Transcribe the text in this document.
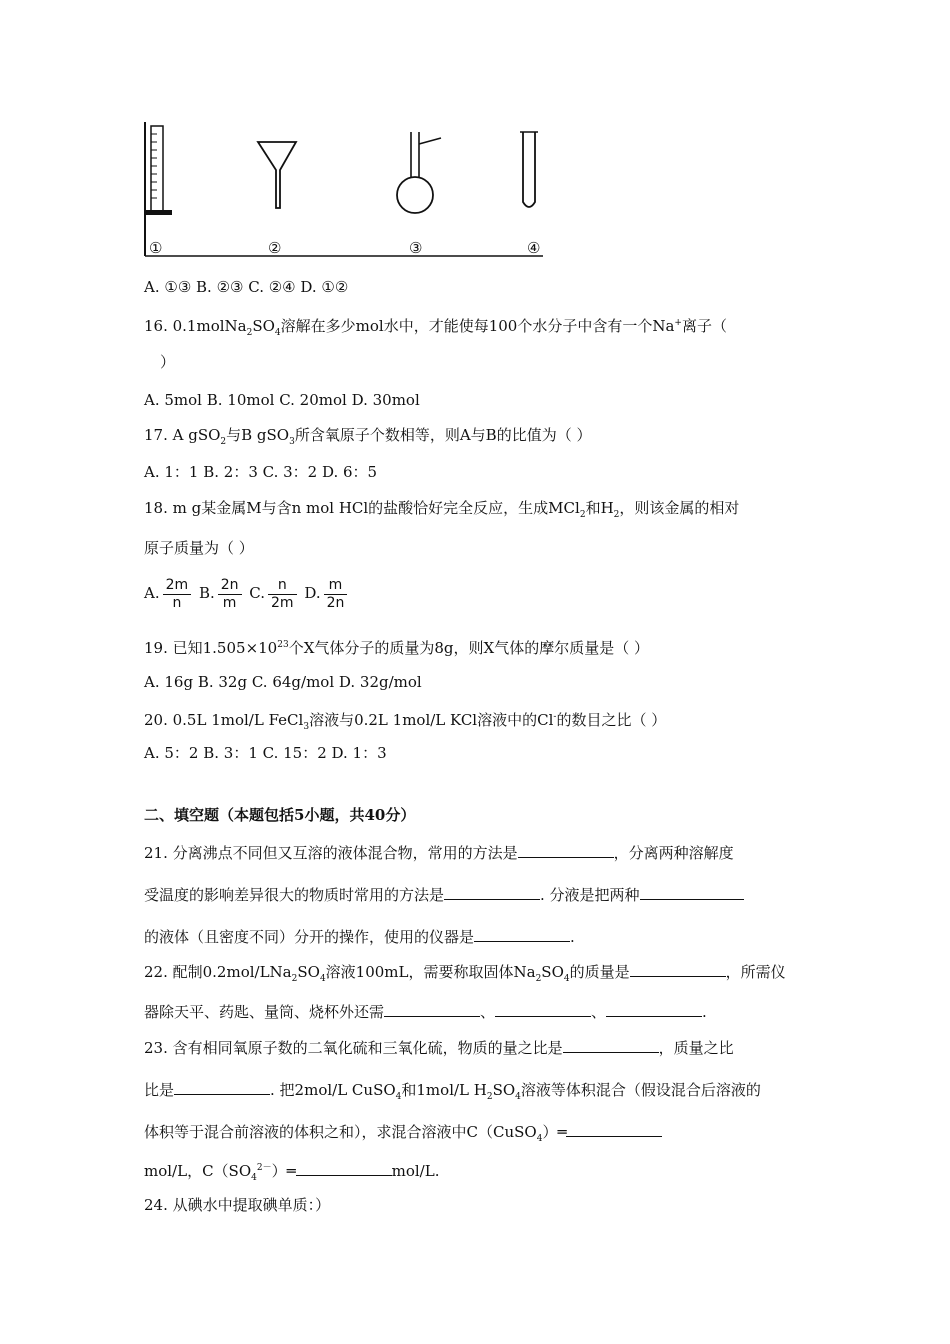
①	②	③	④
A. ①③ B. ②③ C. ②④ D. ①②
16. $0.1molNa_2SO_4$溶解在多少mol水中，才能使每100个水分子中含有一个Na+离子（
）
A. 5mol B. 10mol C. 20mol D. 30mol
17. A gSO$_2$与B gSO$_3$所含氧原子个数相等，则A与B的比值为（ ）
A. 1：1 B. 2：3 C. 3：2 D. 6：5
18. m g某金属M与含n mol HCl的盐酸恰好完全反应，生成MCl$_2$和$H_2$，则该金属的相对
原子质量为（ ）
A. $\frac{2m}{n} B$. $\frac{2n}{m} C$. $\frac{n}{2m} D$. $\frac{m}{2n}$
19. 已知$1.505\times 10^{23}$个X气体分子的质量为8g，则X气体的摩尔质量是（ ）
A. 16g B. 32g C. 64g/mol D. 32g/mol
20. 0.5L 1mol/L FeCl$_3$溶液与0.2L 1mol/L KCl溶液中的Cl-的数目之比（ ）
A. 5：2 B. 3：1 C. 15：2 D. 1：3
二、填空题（本题包括5小题，共40分）
21. 分离沸点不同但又互溶的液体混合物，常用的方法是	，分离两种溶解度
受温度的影响差异很大的物质时常用的方法是	. 分液是把两种
的液体（且密度不同）分开的操作，使用的仪器是	.
22. 配制$0.2mol/LNa_2SO_4$溶液100mL，需要称取固体$Na_2SO_4$的质量是	，所需仪
器除天平、药匙、量筒、烧杯外还需	、	、	.
23. 含有相同氧原子数的二氧化硫和三氧化硫，物质的量之比是	，质量之比
比是	. 把2mol/L CuSO$_4$和1mol/L $H_2SO_4$溶液等体积混合（假设混合后溶液的
体积等于混合前溶液的体积之和），求混合溶液中C（CuSO$_4$）═
mol/L，$C(SO_4^{2-})═$	mol/L.
24. 从碘水中提取碘单质：）
